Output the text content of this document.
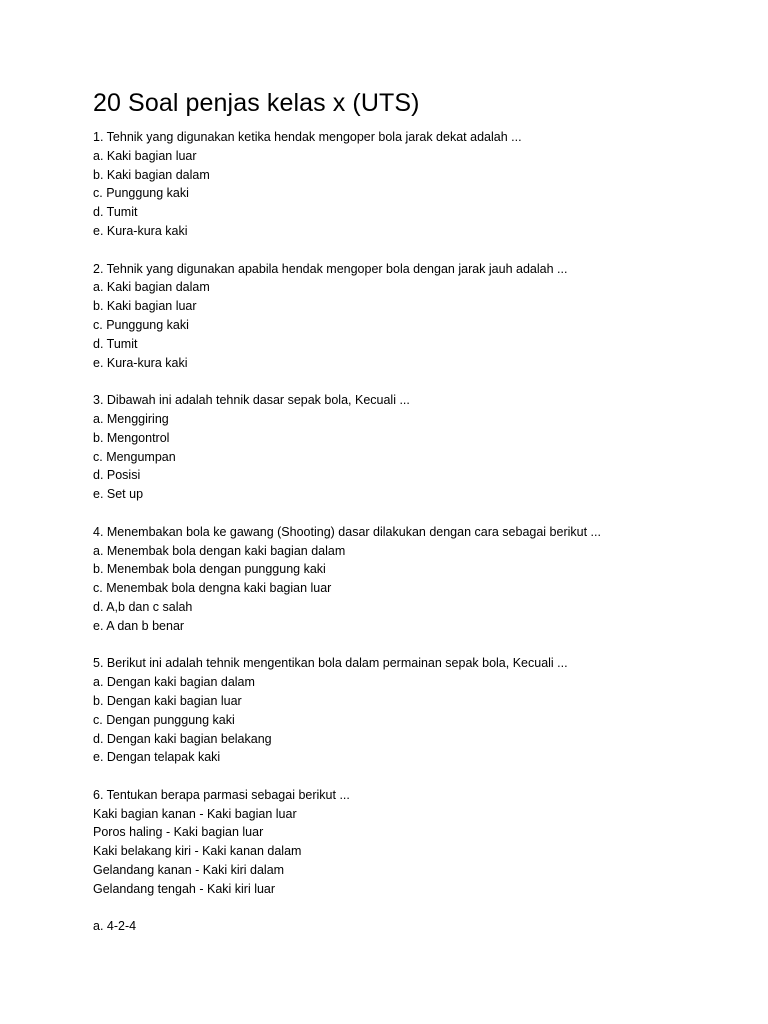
20 Soal penjas kelas x (UTS)
1. Tehnik yang digunakan ketika hendak mengoper bola jarak dekat adalah ...
a. Kaki bagian luar
b. Kaki bagian dalam
c. Punggung kaki
d. Tumit
e. Kura-kura kaki
2. Tehnik yang digunakan apabila hendak mengoper bola dengan jarak jauh adalah ...
a. Kaki bagian dalam
b. Kaki bagian luar
c. Punggung kaki
d. Tumit
e. Kura-kura kaki
3. Dibawah ini adalah tehnik dasar sepak bola, Kecuali ...
a. Menggiring
b. Mengontrol
c. Mengumpan
d. Posisi
e. Set up
4. Menembakan bola ke gawang (Shooting) dasar dilakukan dengan cara sebagai berikut ...
a. Menembak bola dengan kaki bagian dalam
b. Menembak bola dengan punggung kaki
c. Menembak bola dengna kaki bagian luar
d. A,b dan c salah
e. A dan b benar
5. Berikut ini adalah tehnik mengentikan bola dalam permainan sepak bola, Kecuali ...
a. Dengan kaki bagian dalam
b. Dengan kaki bagian luar
c. Dengan punggung kaki
d. Dengan kaki bagian belakang
e. Dengan telapak kaki
6. Tentukan berapa parmasi sebagai berikut ...
Kaki bagian kanan - Kaki bagian luar
Poros haling - Kaki bagian luar
Kaki belakang kiri - Kaki kanan dalam
Gelandang kanan - Kaki kiri dalam
Gelandang tengah - Kaki kiri luar
a. 4-2-4
